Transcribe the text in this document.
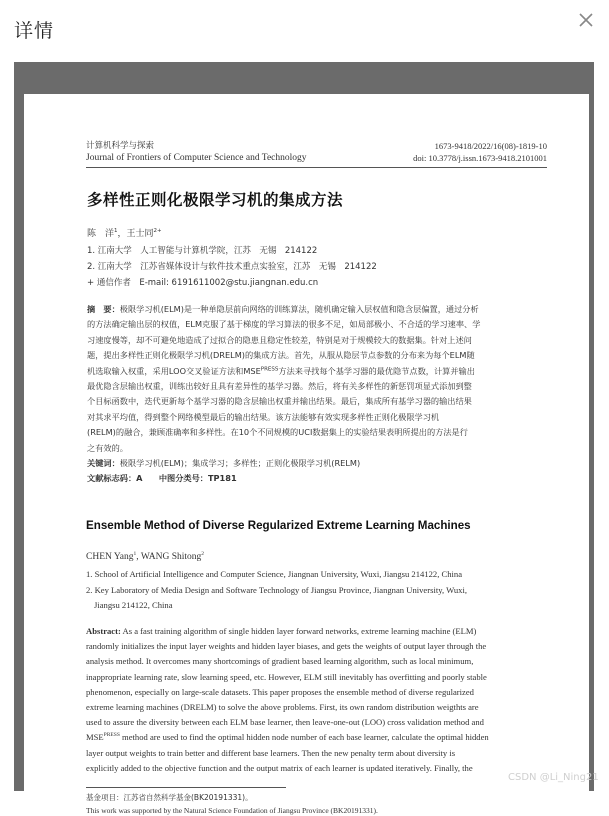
详情
计算机科学与探索
Journal of Frontiers of Computer Science and Technology
1673-9418/2022/16(08)-1819-10
doi: 10.3778/j.issn.1673-9418.2101001
多样性正则化极限学习机的集成方法
陈　洋$^1$，王士同$^{2+}$
1. 江南大学　人工智能与计算机学院，江苏　无锡　214122
2. 江南大学　江苏省媒体设计与软件技术重点实验室，江苏　无锡　214122
+ 通信作者　E-mail: 6191611002@stu.jiangnan.edu.cn
摘　要：极限学习机(ELM)是一种单隐层前向网络的训练算法，随机确定输入层权值和隐含层偏置，通过分析
的方法确定输出层的权值，ELM克服了基于梯度的学习算法的很多不足，如局部极小、不合适的学习速率、学
习速度慢等，却不可避免地造成了过拟合的隐患且稳定性较差，特别是对于规模较大的数据集。针对上述问
题，提出多样性正则化极限学习机(DRELM)的集成方法。首先，从服从隐层节点参数的分布来为每个ELM随
机选取输入权重，采用LOO交叉验证方法和$MSE^{PRESS}$方法来寻找每个基学习器的最优隐节点数，计算并输出
最优隐含层输出权重，训练出较好且具有差异性的基学习器。然后，将有关多样性的新惩罚项显式添加到整
个目标函数中，迭代更新每个基学习器的隐含层输出权重并输出结果。最后，集成所有基学习器的输出结果
对其求平均值，得到整个网络模型最后的输出结果。该方法能够有效实现多样性正则化极限学习机
(RELM)的融合，兼顾准确率和多样性。在10个不同规模的UCI数据集上的实验结果表明所提出的方法是行
之有效的。
关键词：极限学习机(ELM)；集成学习；多样性；正则化极限学习机(RELM)
文献标志码：A　　中图分类号：TP181
Ensemble Method of Diverse Regularized Extreme Learning Machines
CHEN Yang$^1$, WANG Shitong$^2$
1. School of Artificial Intelligence and Computer Science, Jiangnan University, Wuxi, Jiangsu 214122, China
2. Key Laboratory of Media Design and Software Technology of Jiangsu Province, Jiangnan University, Wuxi,
Jiangsu 214122, China
Abstract: As a fast training algorithm of single hidden layer forward networks, extreme learning machine (ELM)
randomly initializes the input layer weights and hidden layer biases, and gets the weights of output layer through the
analysis method. It overcomes many shortcomings of gradient based learning algorithm, such as local minimum,
inappropriate learning rate, slow learning speed, etc. However, ELM still inevitably has overfitting and poorly stable
phenomenon, especially on large-scale datasets. This paper proposes the ensemble method of diverse regularized
extreme learning machines (DRELM) to solve the above problems. First, its own random distribution weigthts are
used to assure the diversity between each ELM base learner, then leave-one-out (LOO) cross validation method and
$MSE^{PRESS}$ method are used to find the optimal hidden node number of each base learner, calculate the optimal hidden
layer output weights to train better and different base learners. Then the new penalty term about diversity is
explicitly added to the objective function and the output matrix of each learner is updated iteratively. Finally, the
基金项目：江苏省自然科学基金(BK20191331)。
This work was supported by the Natural Science Foundation of Jiangsu Province (BK20191331).
CSDN @Li_Ning21
